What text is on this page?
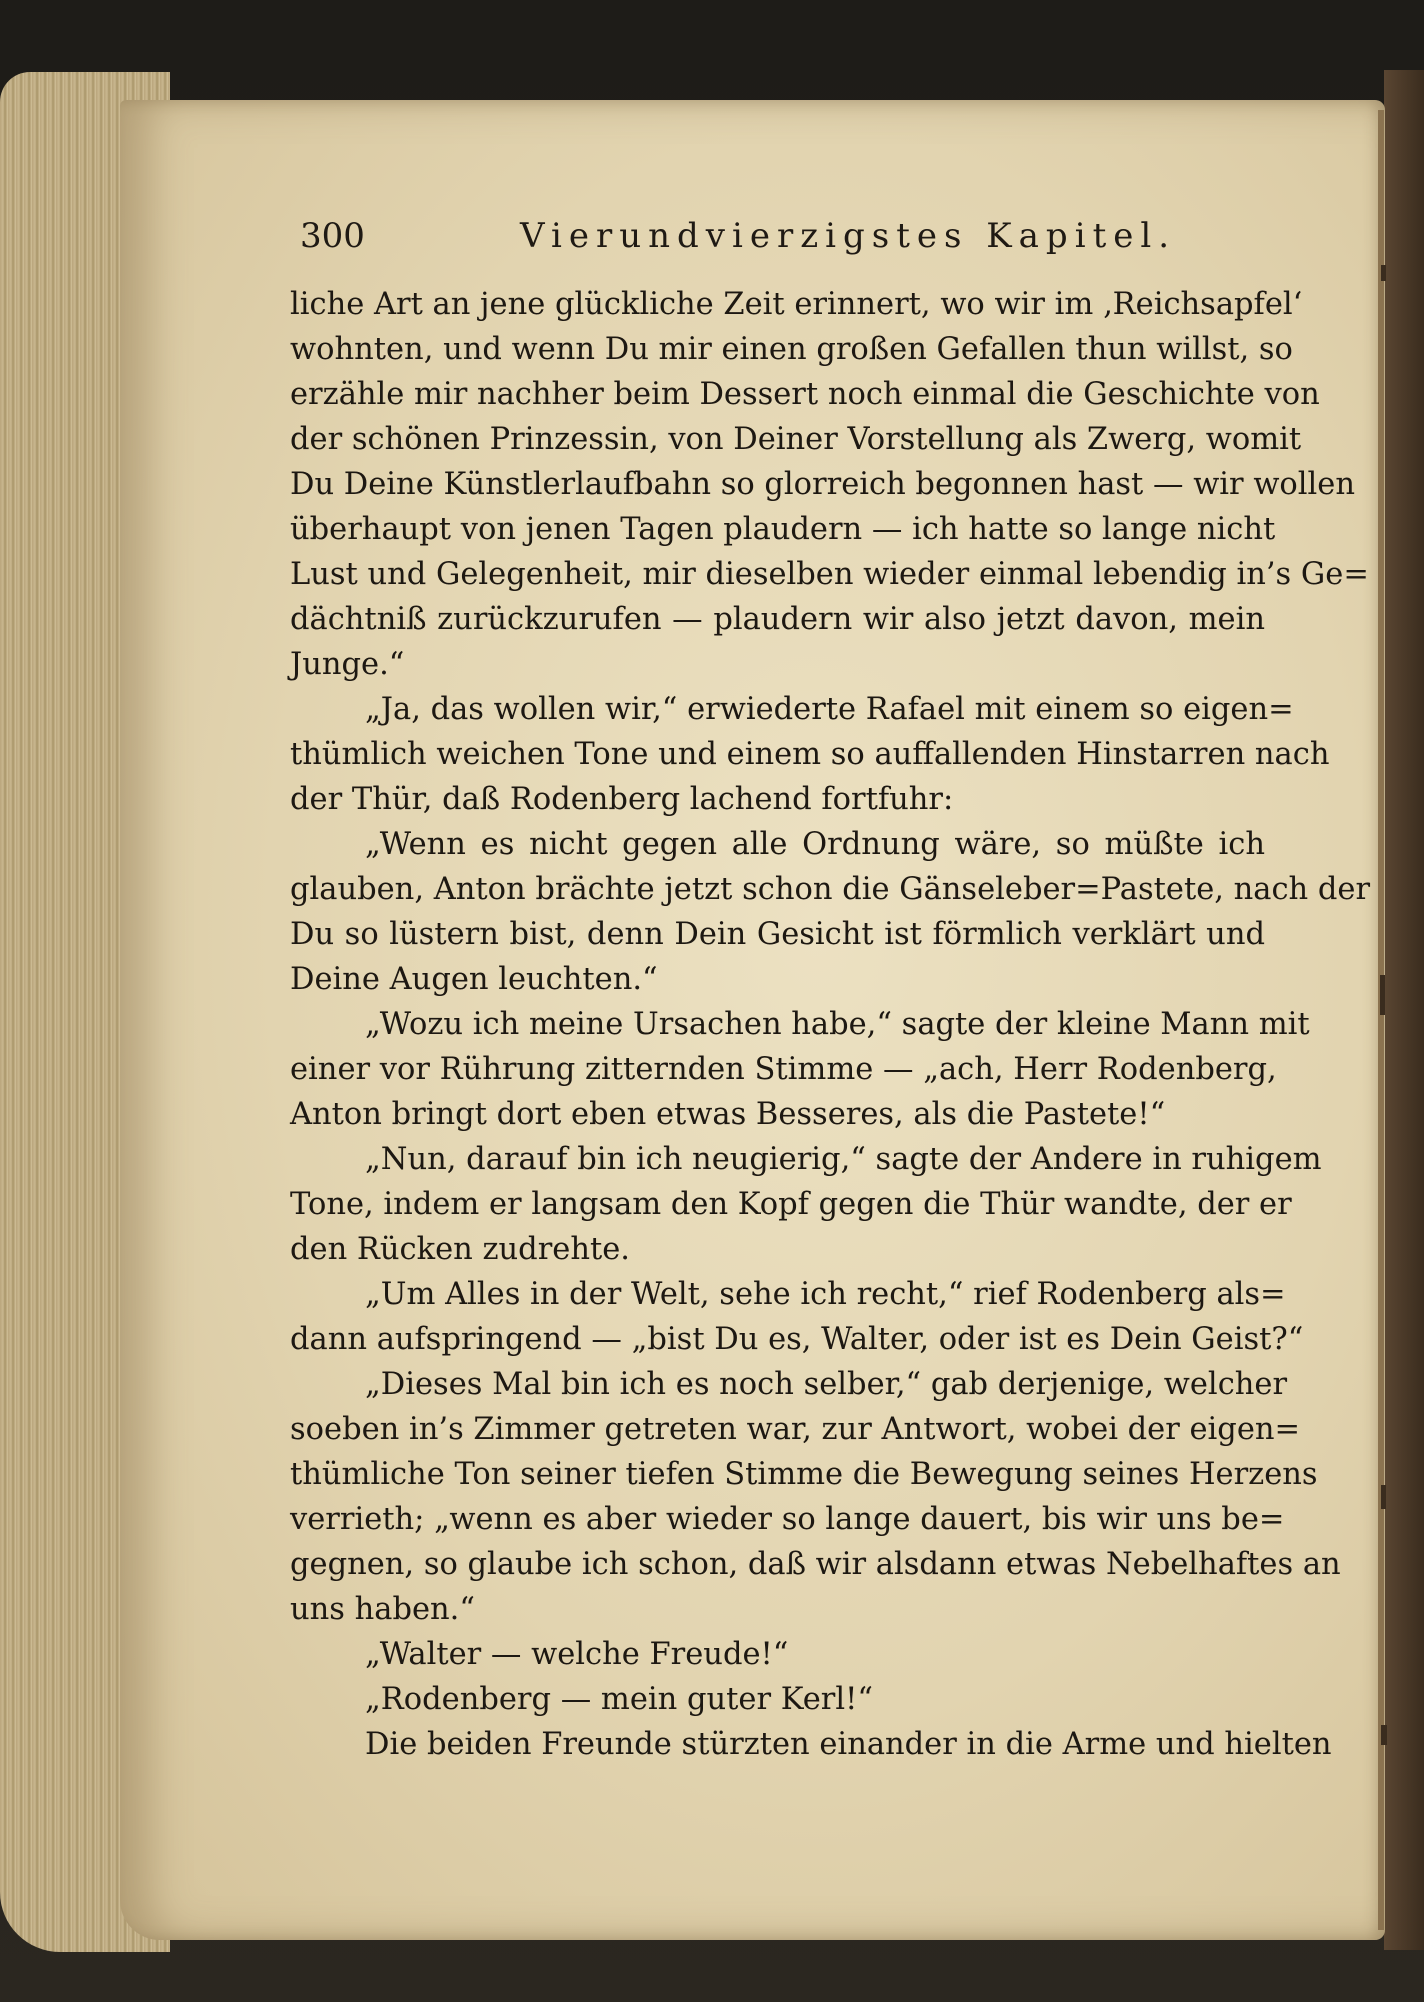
300	Vierundvierzigstes Kapitel.
liche Art an jene glückliche Zeit erinnert, wo wir im ‚Reichsapfel‘
wohnten, und wenn Du mir einen großen Gefallen thun willst, so
erzähle mir nachher beim Dessert noch einmal die Geschichte von
der schönen Prinzessin, von Deiner Vorstellung als Zwerg, womit
Du Deine Künstlerlaufbahn so glorreich begonnen hast — wir wollen
überhaupt von jenen Tagen plaudern — ich hatte so lange nicht
Lust und Gelegenheit, mir dieselben wieder einmal lebendig in’s Ge=
dächtniß zurückzurufen — plaudern wir also jetzt davon, mein
Junge.“
„Ja, das wollen wir,“ erwiederte Rafael mit einem so eigen=
thümlich weichen Tone und einem so auffallenden Hinstarren nach
der Thür, daß Rodenberg lachend fortfuhr:
„Wenn es nicht gegen alle Ordnung wäre, so müßte ich
glauben, Anton brächte jetzt schon die Gänseleber=Pastete, nach der
Du so lüstern bist, denn Dein Gesicht ist förmlich verklärt und
Deine Augen leuchten.“
„Wozu ich meine Ursachen habe,“ sagte der kleine Mann mit
einer vor Rührung zitternden Stimme — „ach, Herr Rodenberg,
Anton bringt dort eben etwas Besseres, als die Pastete!“
„Nun, darauf bin ich neugierig,“ sagte der Andere in ruhigem
Tone, indem er langsam den Kopf gegen die Thür wandte, der er
den Rücken zudrehte.
„Um Alles in der Welt, sehe ich recht,“ rief Rodenberg als=
dann aufspringend — „bist Du es, Walter, oder ist es Dein Geist?“
„Dieses Mal bin ich es noch selber,“ gab derjenige, welcher
soeben in’s Zimmer getreten war, zur Antwort, wobei der eigen=
thümliche Ton seiner tiefen Stimme die Bewegung seines Herzens
verrieth; „wenn es aber wieder so lange dauert, bis wir uns be=
gegnen, so glaube ich schon, daß wir alsdann etwas Nebelhaftes an
uns haben.“
„Walter — welche Freude!“
„Rodenberg — mein guter Kerl!“
Die beiden Freunde stürzten einander in die Arme und hielten
